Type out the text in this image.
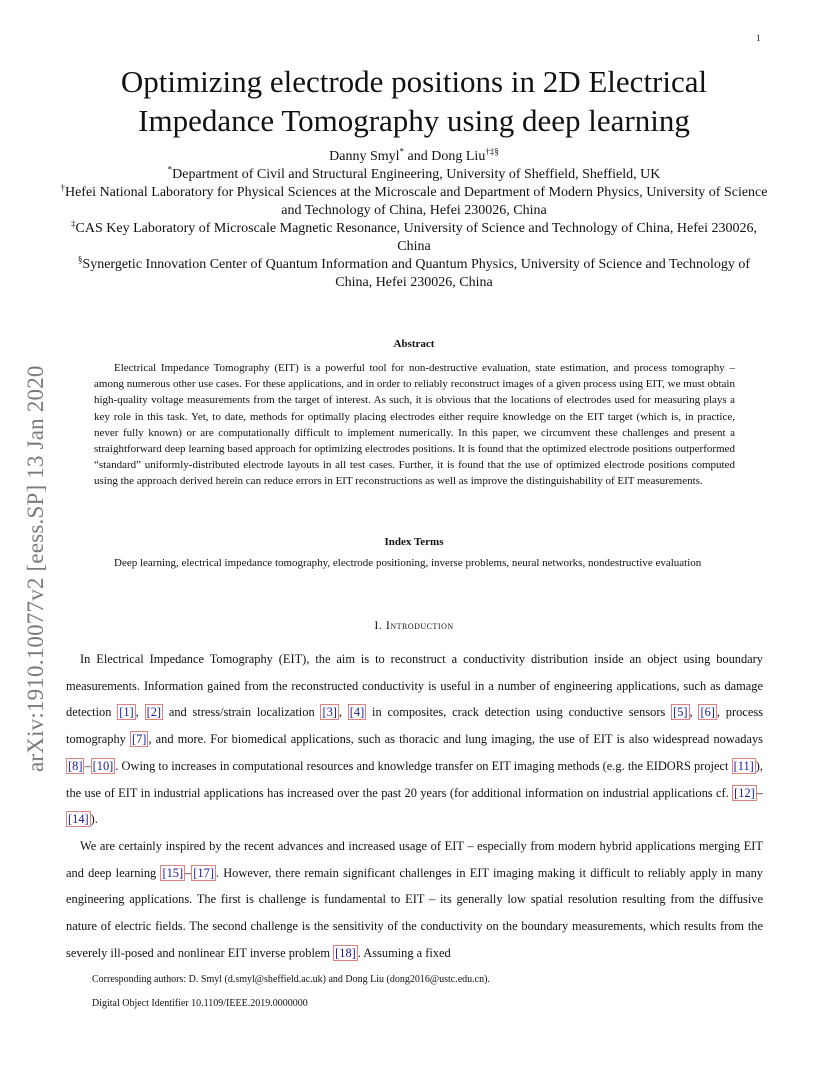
1
arXiv:1910.10077v2 [eess.SP] 13 Jan 2020
Optimizing electrode positions in 2D Electrical Impedance Tomography using deep learning
Danny Smyl* and Dong Liu†‡§
*Department of Civil and Structural Engineering, University of Sheffield, Sheffield, UK
†Hefei National Laboratory for Physical Sciences at the Microscale and Department of Modern Physics, University of Science and Technology of China, Hefei 230026, China
‡CAS Key Laboratory of Microscale Magnetic Resonance, University of Science and Technology of China, Hefei 230026, China
§Synergetic Innovation Center of Quantum Information and Quantum Physics, University of Science and Technology of China, Hefei 230026, China
Abstract

Electrical Impedance Tomography (EIT) is a powerful tool for non-destructive evaluation, state estimation, and process tomography – among numerous other use cases. For these applications, and in order to reliably reconstruct images of a given process using EIT, we must obtain high-quality voltage measurements from the target of interest. As such, it is obvious that the locations of electrodes used for measuring plays a key role in this task. Yet, to date, methods for optimally placing electrodes either require knowledge on the EIT target (which is, in practice, never fully known) or are computationally difficult to implement numerically. In this paper, we circumvent these challenges and present a straightforward deep learning based approach for optimizing electrodes positions. It is found that the optimized electrode positions outperformed “standard” uniformly-distributed electrode layouts in all test cases. Further, it is found that the use of optimized electrode positions computed using the approach derived herein can reduce errors in EIT reconstructions as well as improve the distinguishability of EIT measurements.

Index Terms

Deep learning, electrical impedance tomography, electrode positioning, inverse problems, neural networks, nondestructive evaluation

I. Introduction

In Electrical Impedance Tomography (EIT), the aim is to reconstruct a conductivity distribution inside an object using boundary measurements. Information gained from the reconstructed conductivity is useful in a number of engineering applications, such as damage detection [1] , [2] and stress/strain localization [3] , [4] in composites, crack detection using conductive sensors [5] , [6] , process tomography [7] , and more. For biomedical applications, such as thoracic and lung imaging, the use of EIT is also widespread nowadays [8] – [10] . Owing to increases in computational resources and knowledge transfer on EIT imaging methods (e.g. the EIDORS project [11] ), the use of EIT in industrial applications has increased over the past 20 years (for additional information on industrial applications cf. [12] –[14] ).

We are certainly inspired by the recent advances and increased usage of EIT – especially from modern hybrid applications merging EIT and deep learning [15] – [17] . However, there remain significant challenges in EIT imaging making it difficult to reliably apply in many engineering applications. The first is challenge is fundamental to EIT – its generally low spatial resolution resulting from the diffusive nature of electric fields. The second challenge is the sensitivity of the conductivity on the boundary measurements, which results from the severely ill-posed and nonlinear EIT inverse problem [18] . Assuming a fixed

Corresponding authors: D. Smyl (d.smyl@sheffield.ac.uk) and Dong Liu (dong2016@ustc.edu.cn).
Digital Object Identifier 10.1109/IEEE.2019.0000000
